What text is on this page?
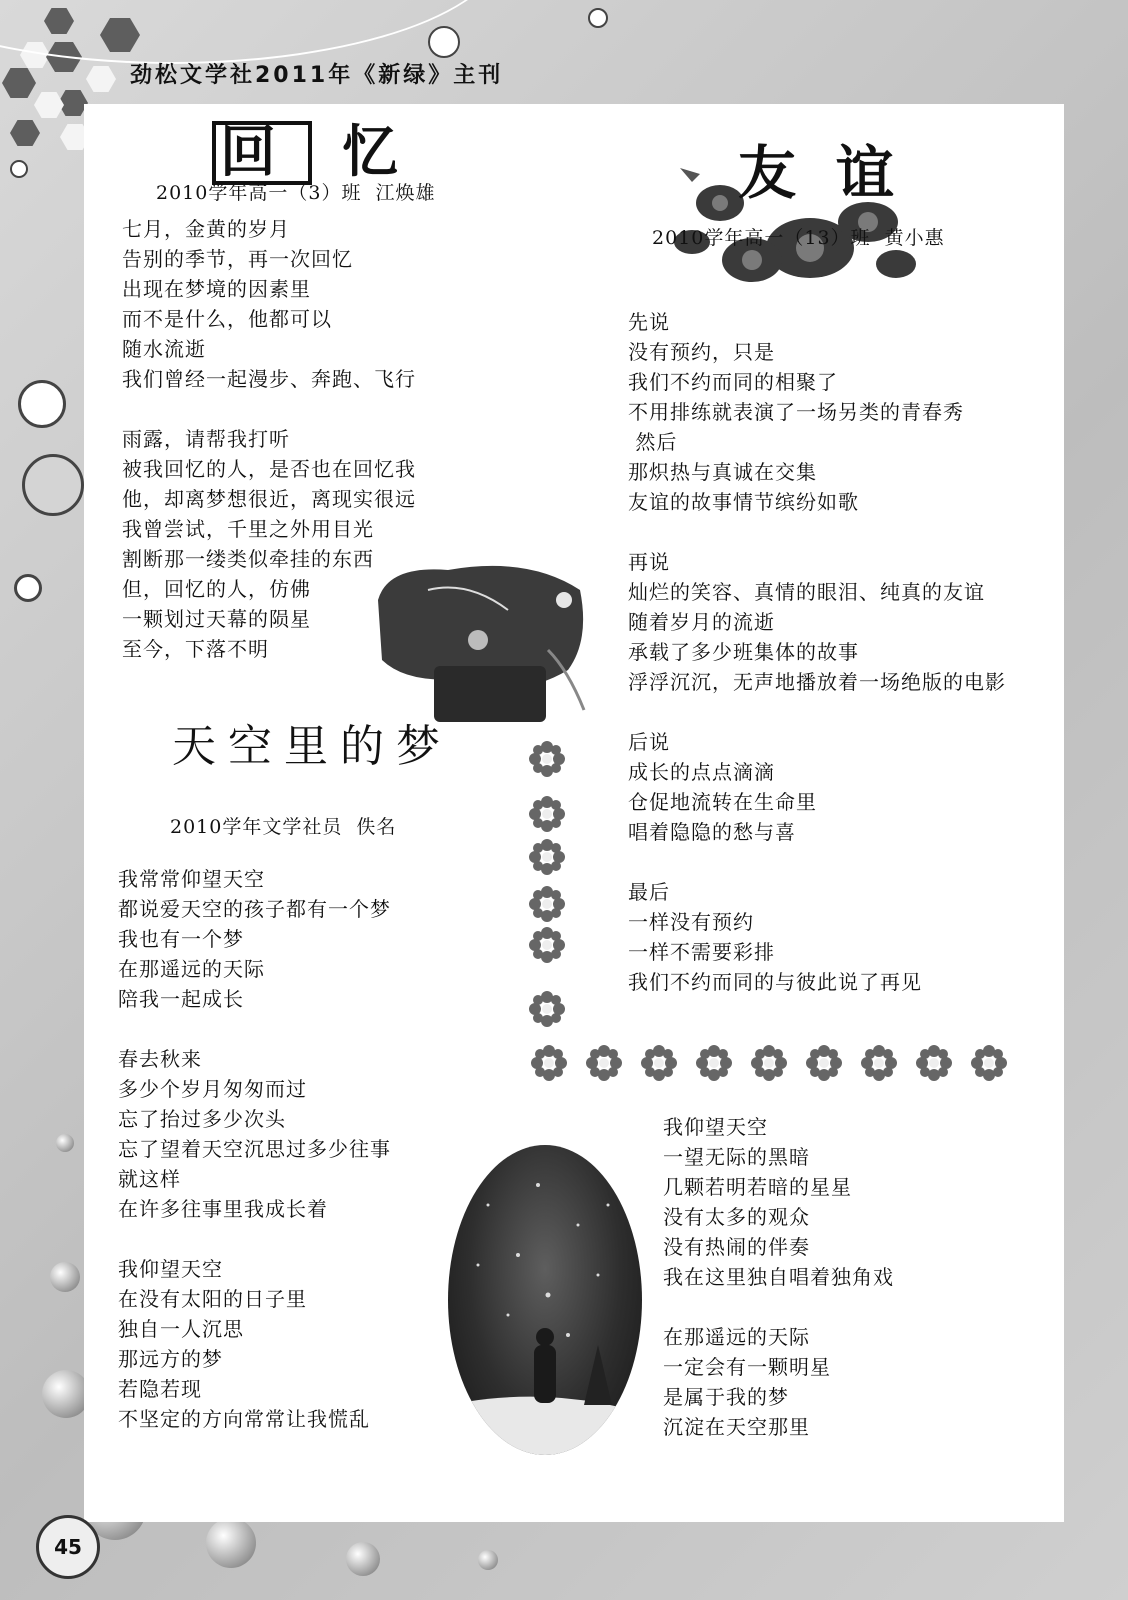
劲松文学社2011年《新绿》主刊
回 忆
2010学年高一（3）班  江焕雄
七月，金黄的岁月
告别的季节，再一次回忆
出现在梦境的因素里
而不是什么，他都可以
随水流逝
我们曾经一起漫步、奔跑、飞行
雨露，请帮我打听
被我回忆的人，是否也在回忆我
他，却离梦想很近，离现实很远
我曾尝试，千里之外用目光
割断那一缕类似牵挂的东西
但，回忆的人，仿佛
一颗划过天幕的陨星
至今，下落不明
友谊
2010学年高一（13）班  黄小惠
先说
没有预约，只是
我们不约而同的相聚了
不用排练就表演了一场另类的青春秀
然后
那炽热与真诚在交集
友谊的故事情节缤纷如歌
再说
灿烂的笑容、真情的眼泪、纯真的友谊
随着岁月的流逝
承载了多少班集体的故事
浮浮沉沉，无声地播放着一场绝版的电影
后说
成长的点点滴滴
仓促地流转在生命里
唱着隐隐的愁与喜
最后
一样没有预约
一样不需要彩排
我们不约而同的与彼此说了再见
天空里的梦
2010学年文学社员  佚名
我常常仰望天空
都说爱天空的孩子都有一个梦
我也有一个梦
在那遥远的天际
陪我一起成长
春去秋来
多少个岁月匆匆而过
忘了抬过多少次头
忘了望着天空沉思过多少往事
就这样
在许多往事里我成长着
我仰望天空
在没有太阳的日子里
独自一人沉思
那远方的梦
若隐若现
不坚定的方向常常让我慌乱
我仰望天空
一望无际的黑暗
几颗若明若暗的星星
没有太多的观众
没有热闹的伴奏
我在这里独自唱着独角戏
在那遥远的天际
一定会有一颗明星
是属于我的梦
沉淀在天空那里
45
